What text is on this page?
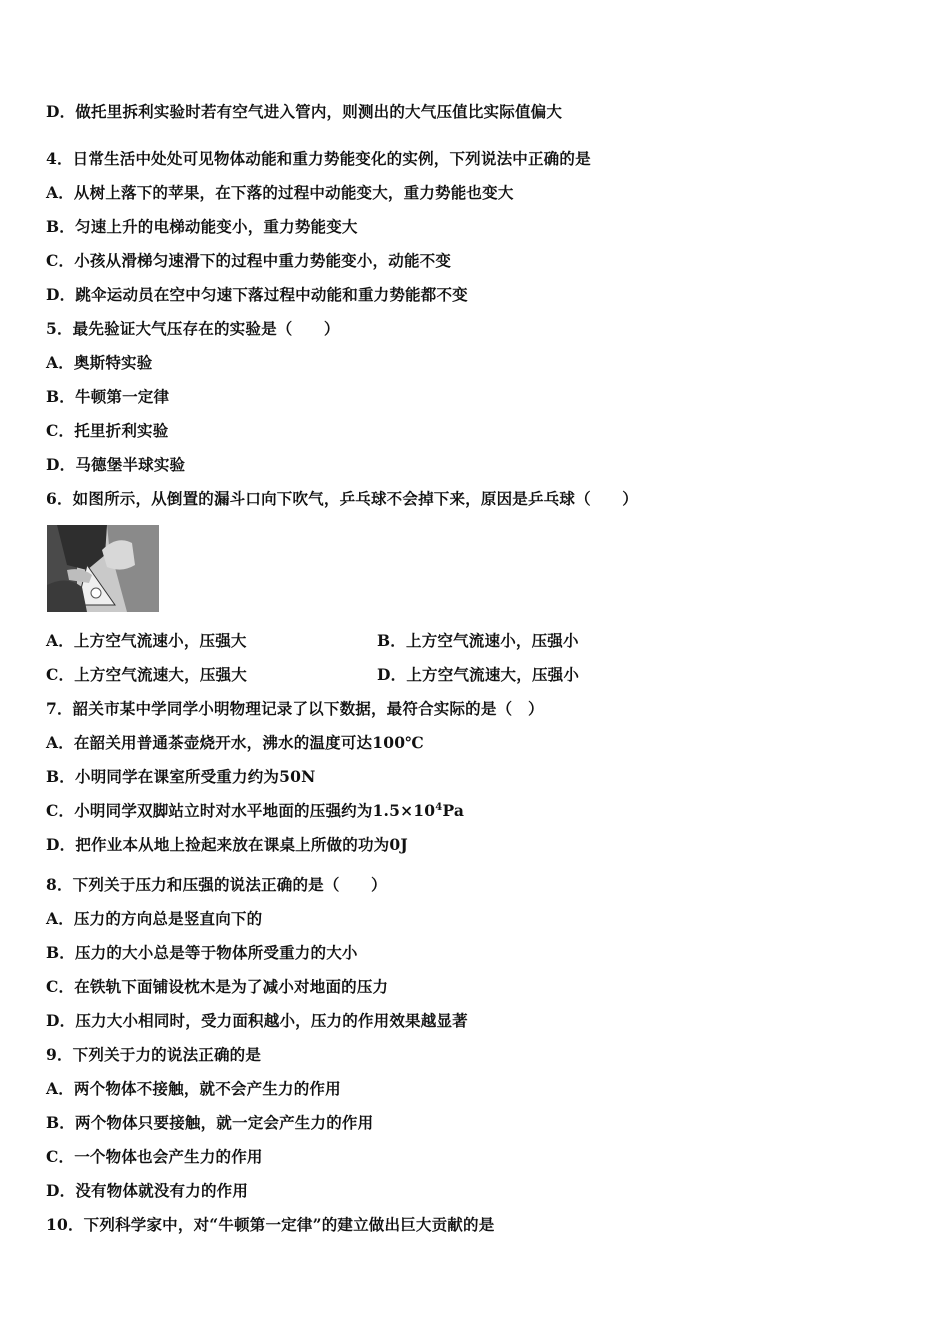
D．做托里拆利实验时若有空气进入管内，则测出的大气压值比实际值偏大
4．日常生活中处处可见物体动能和重力势能变化的实例，下列说法中正确的是
A．从树上落下的苹果，在下落的过程中动能变大，重力势能也变大
B．匀速上升的电梯动能变小，重力势能变大
C．小孩从滑梯匀速滑下的过程中重力势能变小，动能不变
D．跳伞运动员在空中匀速下落过程中动能和重力势能都不变
5．最先验证大气压存在的实验是（　　）
A．奥斯特实验
B．牛顿第一定律
C．托里折利实验
D．马德堡半球实验
6．如图所示，从倒置的漏斗口向下吹气，乒乓球不会掉下来，原因是乒乓球（　　）
A．上方空气流速小，压强大	B．上方空气流速小，压强小
C．上方空气流速大，压强大	D．上方空气流速大，压强小
7．韶关市某中学同学小明物理记录了以下数据，最符合实际的是（　）
A．在韶关用普通茶壶烧开水，沸水的温度可达100℃
B．小明同学在课室所受重力约为50N
C．小明同学双脚站立时对水平地面的压强约为$1.5\times 10^4Pa$
D．把作业本从地上捡起来放在课桌上所做的功为0J
8．下列关于压力和压强的说法正确的是（　　）
A．压力的方向总是竖直向下的
B．压力的大小总是等于物体所受重力的大小
C．在铁轨下面铺设枕木是为了减小对地面的压力
D．压力大小相同时，受力面积越小，压力的作用效果越显著
9．下列关于力的说法正确的是
A．两个物体不接触，就不会产生力的作用
B．两个物体只要接触，就一定会产生力的作用
C．一个物体也会产生力的作用
D．没有物体就没有力的作用
10．下列科学家中，对“牛顿第一定律”的建立做出巨大贡献的是
